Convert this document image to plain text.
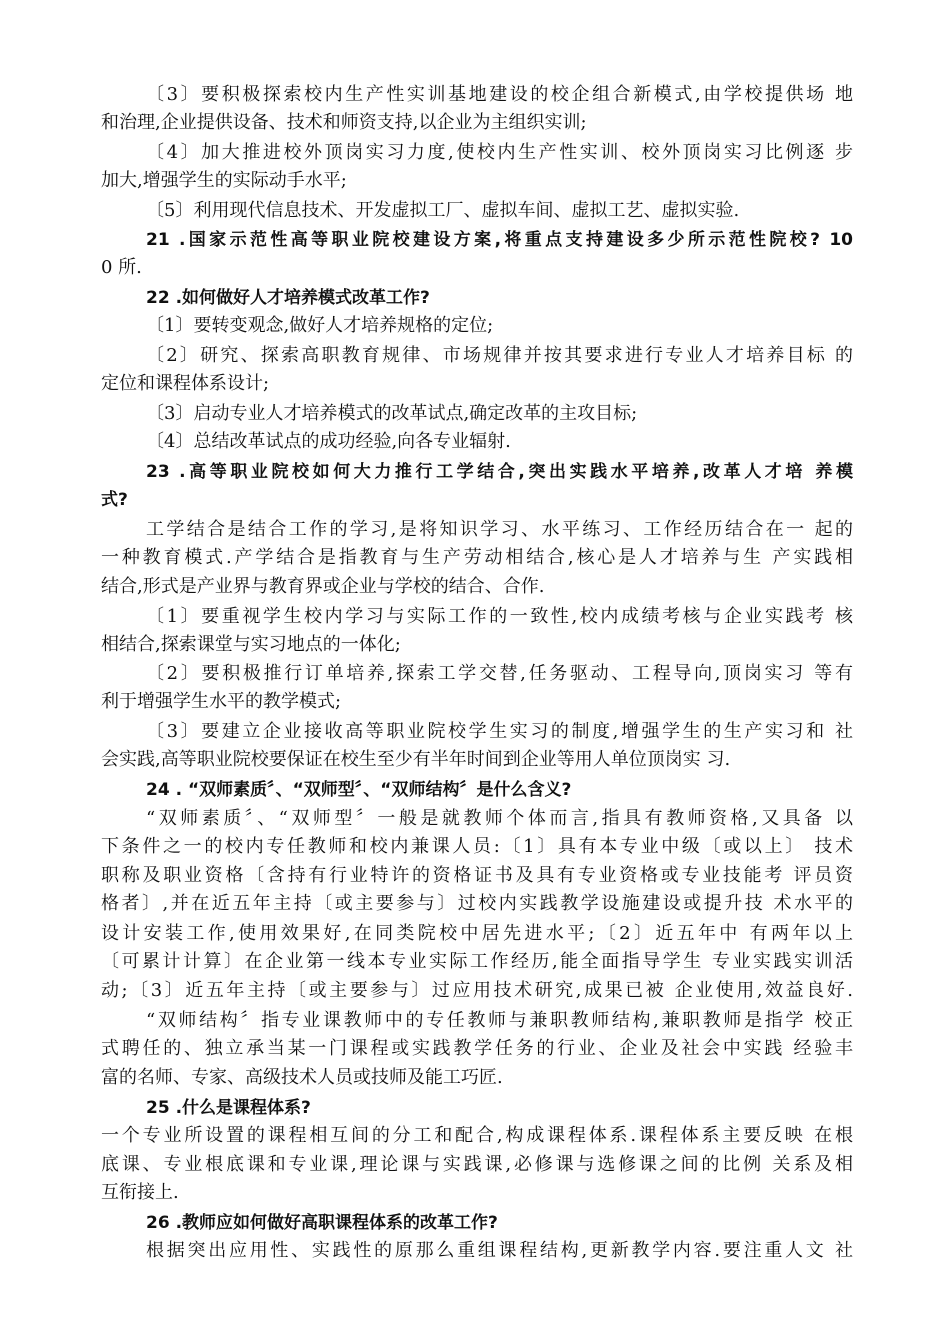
〔3〕要积极探索校内生产性实训基地建设的校企组合新模式,由学校提供场 地
和治理,企业提供设备、技术和师资支持,以企业为主组织实训;
〔4〕加大推进校外顶岗实习力度,使校内生产性实训、校外顶岗实习比例逐 步
加大,增强学生的实际动手水平;
〔5〕利用现代信息技术、开发虚拟工厂、虚拟车间、虚拟工艺、虚拟实验.
21 .国家示范性高等职业院校建设方案,将重点支持建设多少所示范性院校? 10
0 所.
22 .如何做好人才培养模式改革工作?
〔1〕要转变观念,做好人才培养规格的定位;
〔2〕研究、探索高职教育规律、市场规律并按其要求进行专业人才培养目标 的
定位和课程体系设计;
〔3〕启动专业人才培养模式的改革试点,确定改革的主攻目标;
〔4〕总结改革试点的成功经验,向各专业辐射.
23 .高等职业院校如何大力推行工学结合,突出实践水平培养,改革人才培 养模
式?
工学结合是结合工作的学习,是将知识学习、水平练习、工作经历结合在一 起的
一种教育模式.产学结合是指教育与生产劳动相结合,核心是人才培养与生 产实践相
结合,形式是产业界与教育界或企业与学校的结合、合作.
〔1〕要重视学生校内学习与实际工作的一致性,校内成绩考核与企业实践考 核
相结合,探索课堂与实习地点的一体化;
〔2〕要积极推行订单培养,探索工学交替,任务驱动、工程导向,顶岗实习 等有
利于增强学生水平的教学模式;
〔3〕要建立企业接收高等职业院校学生实习的制度,增强学生的生产实习和 社
会实践,高等职业院校要保证在校生至少有半年时间到企业等用人单位顶岗实 习.
24 . “双师素质〞、“双师型〞、“双师结构〞是什么含义?
“双师素质〞、“双师型〞一般是就教师个体而言,指具有教师资格,又具备 以
下条件之一的校内专任教师和校内兼课人员:〔1〕具有本专业中级〔或以上〕 技术
职称及职业资格〔含持有行业特许的资格证书及具有专业资格或专业技能考 评员资
格者〕,并在近五年主持〔或主要参与〕过校内实践教学设施建设或提升技 术水平的
设计安装工作,使用效果好,在同类院校中居先进水平;〔2〕近五年中 有两年以上
〔可累计计算〕在企业第一线本专业实际工作经历,能全面指导学生 专业实践实训活
动;〔3〕近五年主持〔或主要参与〕过应用技术研究,成果已被 企业使用,效益良好.
“双师结构〞指专业课教师中的专任教师与兼职教师结构,兼职教师是指学 校正
式聘任的、独立承当某一门课程或实践教学任务的行业、企业及社会中实践 经验丰
富的名师、专家、高级技术人员或技师及能工巧匠.
25 .什么是课程体系?
一个专业所设置的课程相互间的分工和配合,构成课程体系.课程体系主要反映 在根
底课、专业根底课和专业课,理论课与实践课,必修课与选修课之间的比例 关系及相
互衔接上.
26 .教师应如何做好高职课程体系的改革工作?
根据突出应用性、实践性的原那么重组课程结构,更新教学内容.要注重人文 社
